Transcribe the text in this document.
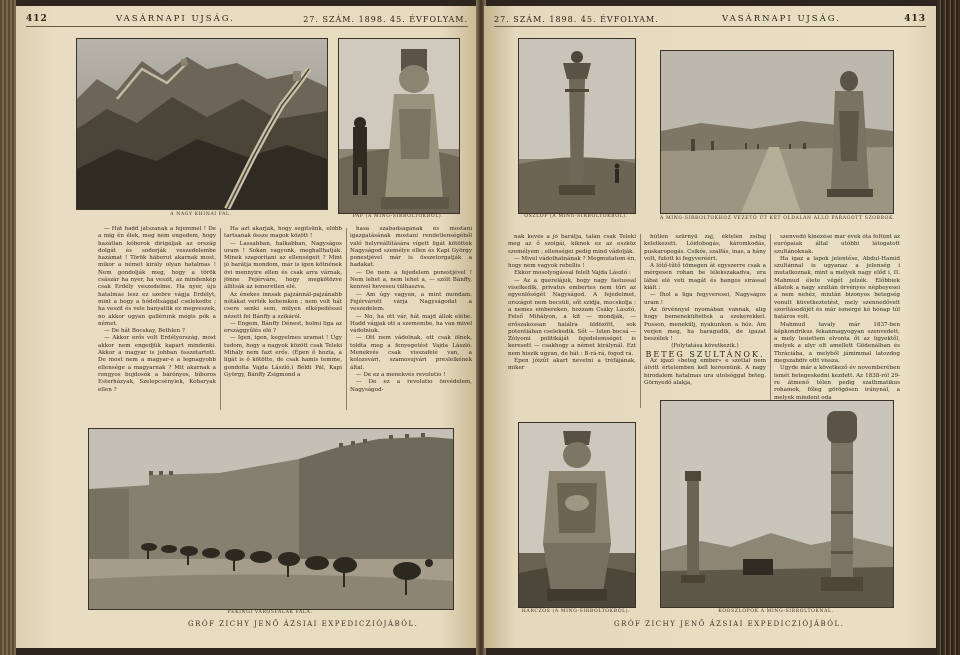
412	VASÁRNAPI UJSÁG.	27. SZÁM. 1898. 45. ÉVFOLYAM.
A NAGY KHINAI FAL.	PAP (A MING-SIRBOLTOKBÓL).

— Hát hadd játszanak a fejemmel ! De a mig én élek, meg nem engedem, hogy hazátlan kóborok dirigáljak az ország dolgát és sodorják veszedelembe hazámat ! Török háborut akarnak most, mikor a német király olyan hatalmas ! Nem gondolják meg, hogy a török császár ha nyer, ha veszit, az mindenkép csak Erdély veszedelme. Ha nyer, úju hatalmas lesz ez szebre vágja Erdélyt, mint a hogy a hódoltsággal cselekedte ; ha veszit és vele hanyatlik ez megveszek, no akkor ugyan gallérunk mégis pók a német.

— De hát Bocskay, Bethlen ?

— Akkor erős volt Erdélyország, most akkor nem engedjük kapart mindenki. Akkor a magyar is jobban összetartott. De most nem a magyar-e a legnagyobb ellensége a magyarnak ? Mit akarnak a rongyos bujdosók a bárónyos, bíboros Esterházyak, Szelepcsényiek, Kobaryak ellen ?

Ha azt akarjak, hogy segítsünk, előbb tartsanak össze magok között !

— Lassabban, halkabban, Nagyságos uram ! Sokan vagyunk, meghallhatják. Minek szaporitani az ellenségeit ? Mint jó barátja mondom, már is igen kötnének övi mennyire ellen és csak arra várnak, jönne Fejérváre, hogy megkötözve állítsák az ismeretlen elé.

Az énekes innsak pajzánnál-pajzánabb nótákat verték kehemkon ; nem volt hát csere senki sem, milyen elképedéssel nézett fel Bánffy a szikáról.

— Engem, Bánffy Dénest, holmi liga az országgyűlés elé ?

— Igen, igen, kegyelmes uramat ! Úgy tudom, hogy a nagyok között csak Teleki Mihály nem fazt erős. (Épen ő hozta, a ligát is ő kötötte, de csak hamis temme, gondolta Vajda László.) Béldi Pál, Kapi György, Bánffy Zsigmond a

hasa szabadságának és mostani igazgatásának mostani rendetlenségéből való helyreállítására vígett ligát kötöttek Nagyságod személye ellen és Kapi György ponestjével már is összetorgatják a hadakat.

— De nem a fejedelem ponestjével ! Nem lehet a, nem lehet a, — szólt Bánffy, kenivel heveseu túlhaszva.

— Am úgy vagyon, a mint mondam. Fejérvárott várja Nagyságodat a veszedelem.

— No, ha ott vár, hát majd állok elébe. Hadd vágjak ott a szemembe, ha van mivel vádolniuk.

— Ott nem vádolnak, ott csak ölnek, toldta meg a fenyegetést Vajda László. Menekvés csak visszafelé van, a kolozsvári, szamosujvári preslelkének által.

— De ez a menekvés revolutio !

— De ez a revolutio önvédelem, Nagyságod-

PEKINGI VÁROSFALAK FALA.
GRÓF ZICHY JENŐ ÁZSIAI EXPEDICZIÓJÁBÓL.
27. SZÁM. 1898. 45. ÉVFOLYAM.	VASÁRNAPI UJSÁG.	413
OSZLOP (A MING-SIRBOLTOKBÓL).	A MING-SIRBOLTOKHOZ VEZETŐ ÚT KÉT OLDALÁN ÁLLÓ FARAGOTT SZOBROK.

nak kevés a jó barátja, talán csak Teleki meg az ő szolgái, kiknek ez az eszköz személyem ; ellenségei pedig mind vádolják.

— Mivel vádolhatnának ? Megmutatom én, hogy nem vagyok rebellis !

Ekkor mosolyogással felelt Vajda László :

— Az a querelájuk, hogy nagy fastussal viselkedik, privatus embertes nem tűri az egyenlőségét Nagyságod. A fejedelmet, országot nem becsüli, sőt szidja, mocskolja ; a nemes embereken, hozzam Csáky László, Felső Mihályon, a kit — mondják, — erőszakossan halálra üldözött, sok potentiában cselekedik. Sőt — Isten bocsá — Zólyomi politikáját fejedelemségét is keresett — csakhogy a német királynál. Ezt nem hiszik ugyan, de hát : B-rá-rá, fogod rá.

Épen jóizűt akart nevetni a tréfájának, miker

hűtlen szürnyü zaj, éktelen zsibaj keletkezett. Lóidobogás, káromkodás, puskaropogás. Csikós, szalfás, inas, a hány volt, futott ki fegyveréért.

A lótő-tűtő tömegen át egyszerre csak a mérgesen rohan be lélekszakadva, ura lábai elé veti magát és hangos sirással kiált :

— Ihol a liga fegyveresei, Nagyságos uram !

Az örvénnyel nyomában vannak, alig hogy bemenekültettek a szekerekkel. Pusson, menekülj, nyakunkon a hóz. Am verjen meg, ha haragudik, de igazat beszélek !

(Folytatása következik.)

BETEG SZULTÁNOK.

Az igazi »beteg ember« e szótlal nem átvitt értelemben kell keresnünk. A nagy birodalom hatalmas ura utolsóggal beteg. Görnyedő alakja,

szenvedő kinézése már évek óta feltűnt az európaiak által utóbbi látogatott szultánoknak.

Ha igaz a lapok jelentése, Abdul-Hamid szultánnal is ugyanaz a jelenség i mutatkoznak, mint a melyek nagy előd i, II. Mahmud élete végét jelzék. Előbbiek állatok a nagy szultán örvényes népbeyesei a nem nehéz, miután bizonyos betegség vonult küvetkeztetést, mely szennedővelt szorításodójét és már ismergé kó hónap túl határos volt.

Mahmud tavaly már 1837-ben képkondrikus fekanmagyogyan szenvedett, a mely lesiettem elvonta őt az ügyektől, melyek a ulyr olt amellett Gödenálban és Thráciába, a melyből jámimmal latozdog megszabdiv ottt vissza.

Ugyde már a következő év novemberében ismét betegeskedni kezdett. Az 1838-ról 29-re átmenő télen pedig szathmatikus rohamok, főleg görögösen iránynál, a melyek mindent oda

HARCZOS (A MING-SIRBOLTOKBÓL).	KŐOSZLOPOK A MING-SIRBOLTOKNÁL.
GRÓF ZICHY JENŐ ÁZSIAI EXPEDICZIÓJÁBÓL.
